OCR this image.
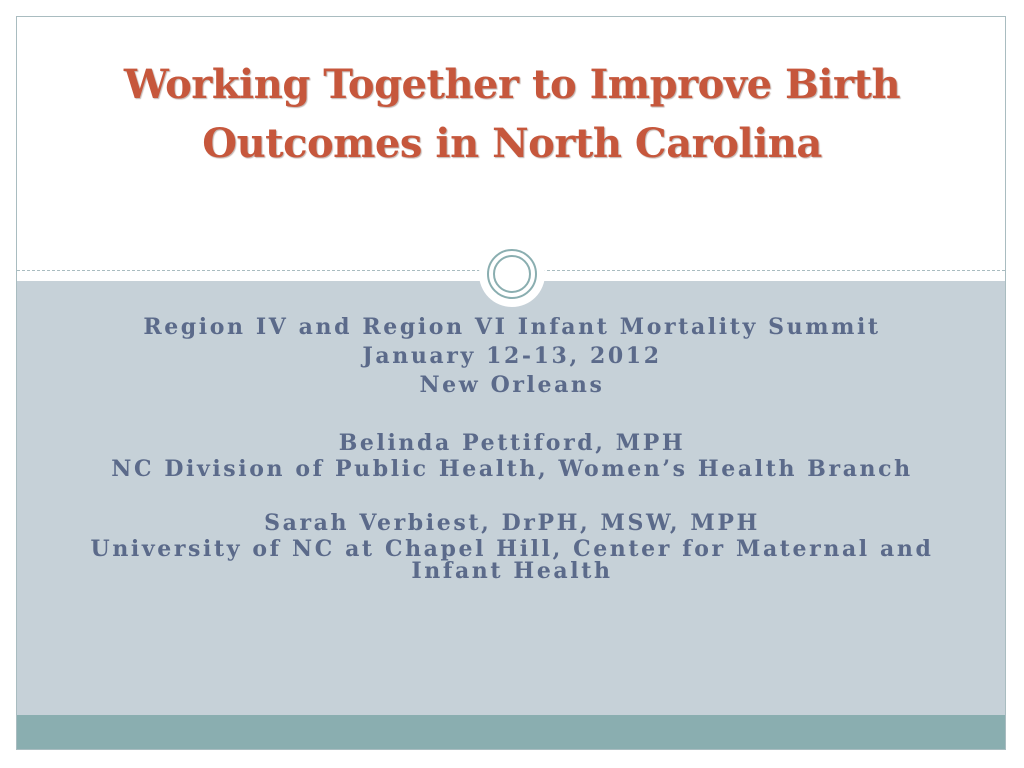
Working Together to Improve Birth Outcomes in North Carolina
Region IV and Region VI Infant Mortality Summit
January 12-13, 2012
New Orleans
Belinda Pettiford, MPH
NC Division of Public Health, Women’s Health Branch
Sarah Verbiest, DrPH, MSW, MPH
University of NC at Chapel Hill, Center for Maternal and Infant Health
